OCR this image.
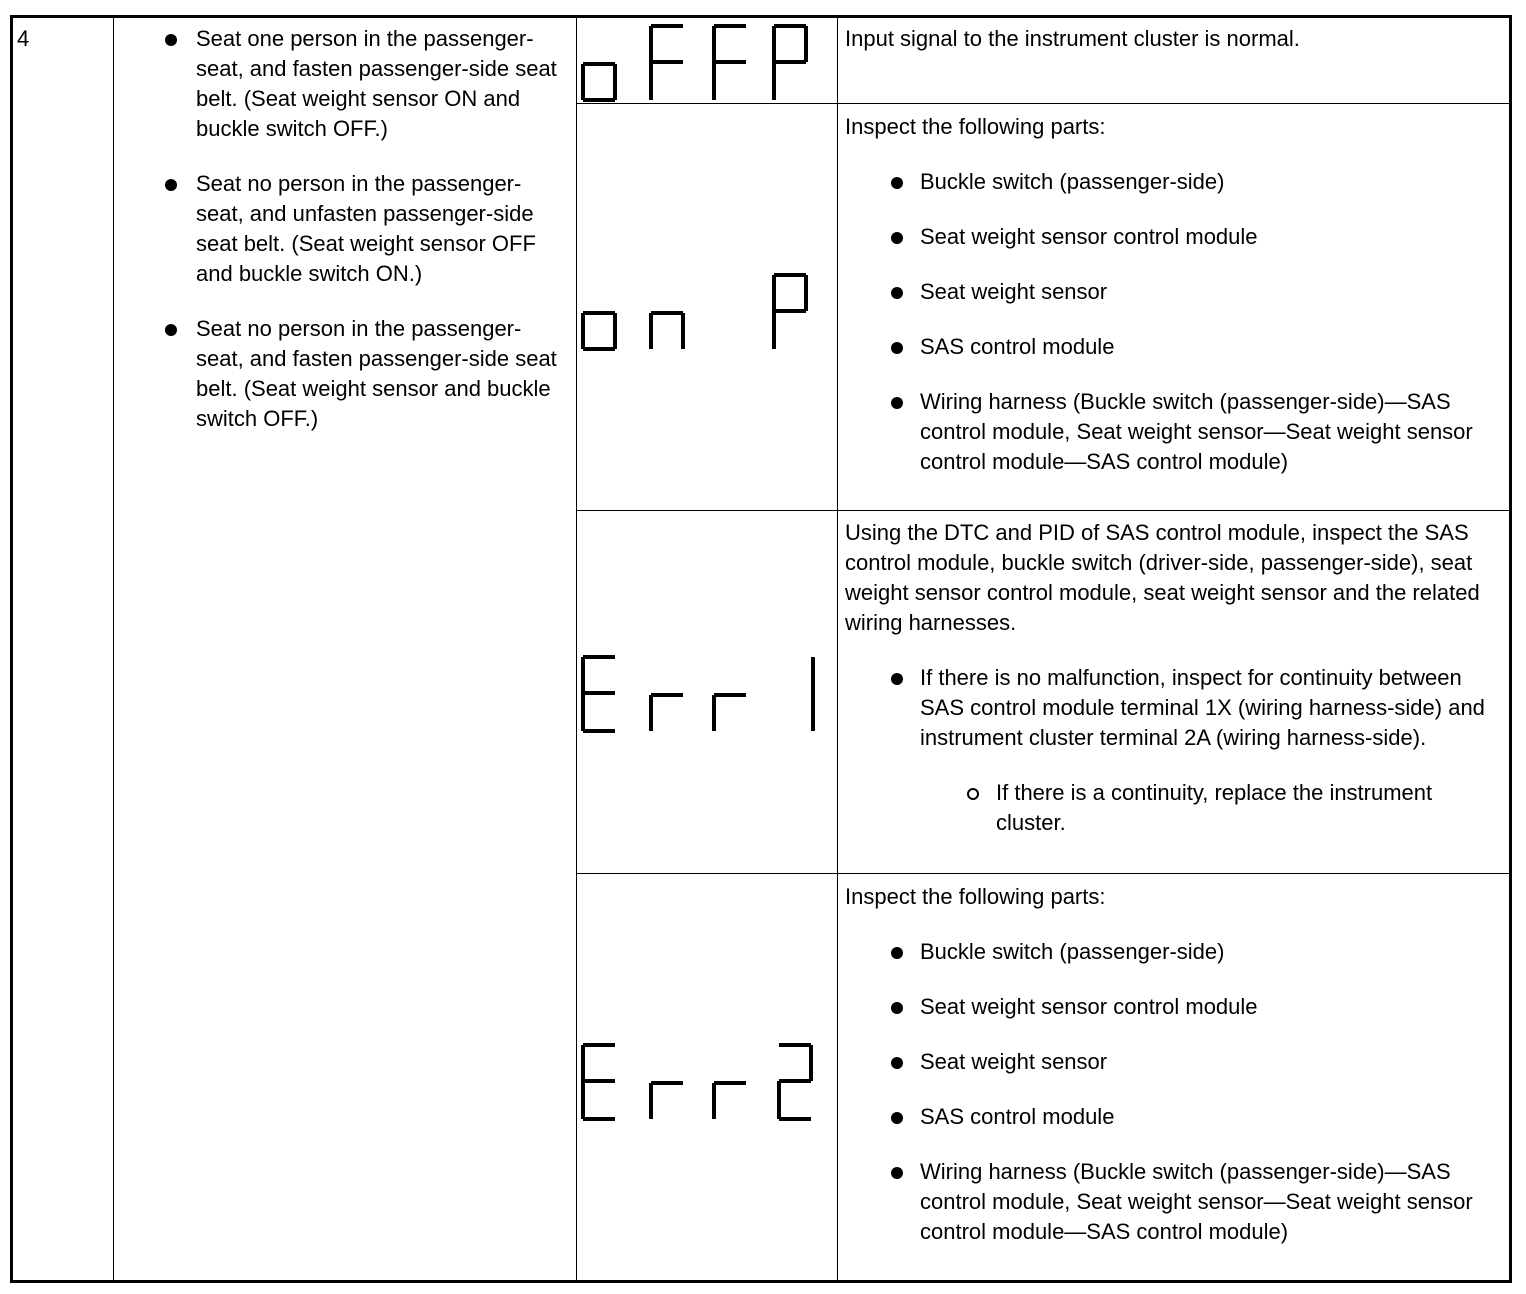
4	Seat one person in the passenger-seat, and fasten passenger-side seat belt. (Seat weight sensor ON and buckle switch OFF.)
Seat no person in the passenger-seat, and unfasten passenger-side seat belt. (Seat weight sensor OFF and buckle switch ON.)
Seat no person in the passenger-seat, and fasten passenger-side seat belt. (Seat weight sensor and buckle switch OFF.)

Input signal to the instrument cluster is normal.

Inspect the following parts:

Buckle switch (passenger-side)
Seat weight sensor control module
Seat weight sensor
SAS control module
Wiring harness (Buckle switch (passenger-side)—SAS control module, Seat weight sensor—Seat weight sensor control module—SAS control module)

Using the DTC and PID of SAS control module, inspect the SAS control module, buckle switch (driver-side, passenger-side), seat weight sensor control module, seat weight sensor and the related wiring harnesses.

If there is no malfunction, inspect for continuity between SAS control module terminal 1X (wiring harness-side) and instrument cluster terminal 2A (wiring harness-side).
If there is a continuity, replace the instrument cluster.

Inspect the following parts:

Buckle switch (passenger-side)
Seat weight sensor control module
Seat weight sensor
SAS control module
Wiring harness (Buckle switch (passenger-side)—SAS control module, Seat weight sensor—Seat weight sensor control module—SAS control module)
